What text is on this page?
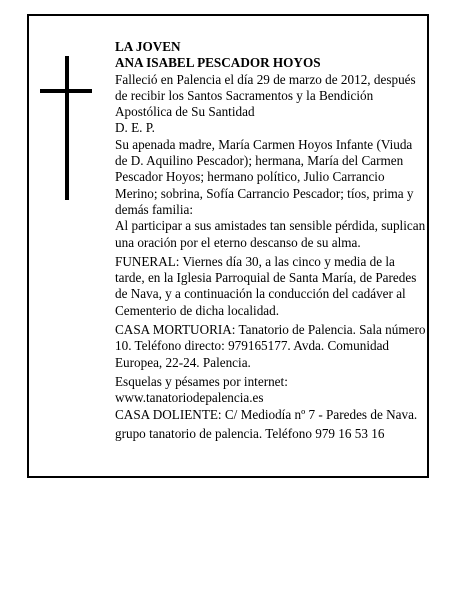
LA JOVEN

ANA ISABEL PESCADOR HOYOS

Falleció en Palencia el día 29 de marzo de 2012, después de recibir los Santos Sacramentos y la Bendición Apostólica de Su Santidad

D. E. P.

Su apenada madre, María Carmen Hoyos Infante (Viuda de D. Aquilino Pescador); hermana, María del Carmen Pescador Hoyos; hermano político, Julio Carrancio Merino; sobrina, Sofía Carrancio Pescador; tíos, prima y demás familia:

Al participar a sus amistades tan sensible pérdida, suplican una oración por el eterno descanso de su alma.

FUNERAL: Viernes día 30, a las cinco y media de la tarde, en la Iglesia Parroquial de Santa María, de Paredes de Nava, y a continuación la conducción del cadáver al Cementerio de dicha localidad.

CASA MORTUORIA: Tanatorio de Palencia. Sala número 10. Teléfono directo: 979165177. Avda. Comunidad Europea, 22-24. Palencia.

Esquelas y pésames por internet: www.tanatoriodepalencia.es

CASA DOLIENTE: C/ Mediodía nº 7 - Paredes de Nava.

grupo tanatorio de palencia. Teléfono 979 16 53 16
